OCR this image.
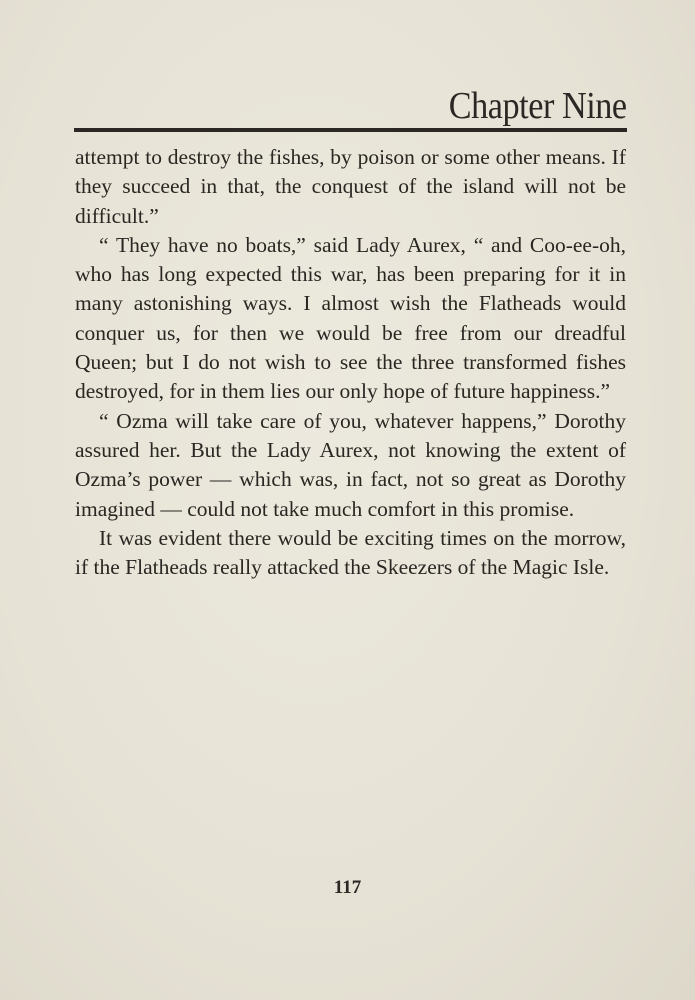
Chapter Nine

attempt to destroy the fishes, by poison or some other means. If they succeed in that, the conquest of the island will not be difficult.”

“ They have no boats,” said Lady Aurex, “ and Coo-ee-oh, who has long expected this war, has been preparing for it in many astonishing ways. I almost wish the Flatheads would conquer us, for then we would be free from our dreadful Queen; but I do not wish to see the three transformed fishes destroyed, for in them lies our only hope of future happiness.”

“ Ozma will take care of you, whatever happens,” Dorothy assured her. But the Lady Aurex, not knowing the extent of Ozma’s power — which was, in fact, not so great as Dorothy imagined — could not take much comfort in this promise.

It was evident there would be exciting times on the morrow, if the Flatheads really attacked the Skeezers of the Magic Isle.

117
